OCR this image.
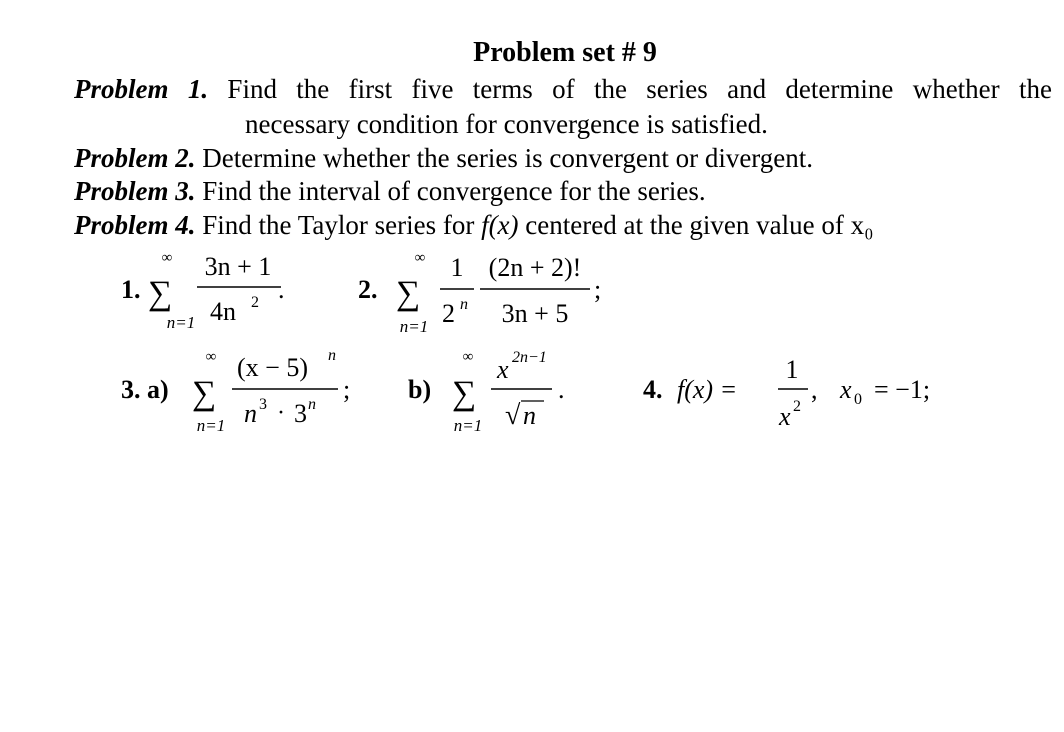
Problem set # 9
Problem 1. Find the first five terms of the series and determine whether the
necessary condition for convergence is satisfied.
Problem 2. Determine whether the series is convergent or divergent.
Problem 3. Find the interval of convergence for the series.
Problem 4. Find the Taylor series for f(x) centered at the given value of x₀
1.
∞
∑
n=1
3n + 1
4n 2 .	2.
∞
∑
n=1
1
2 n
(2n + 2)!
3n + 5
;
3. a)
∞
∑
n=1
(x − 5) n
n 3 · 3 n
; b)
∞
∑
n=1
x 2n−1
√ n
.	4. f(x) =
1
x 2
, x 0 = −1;
